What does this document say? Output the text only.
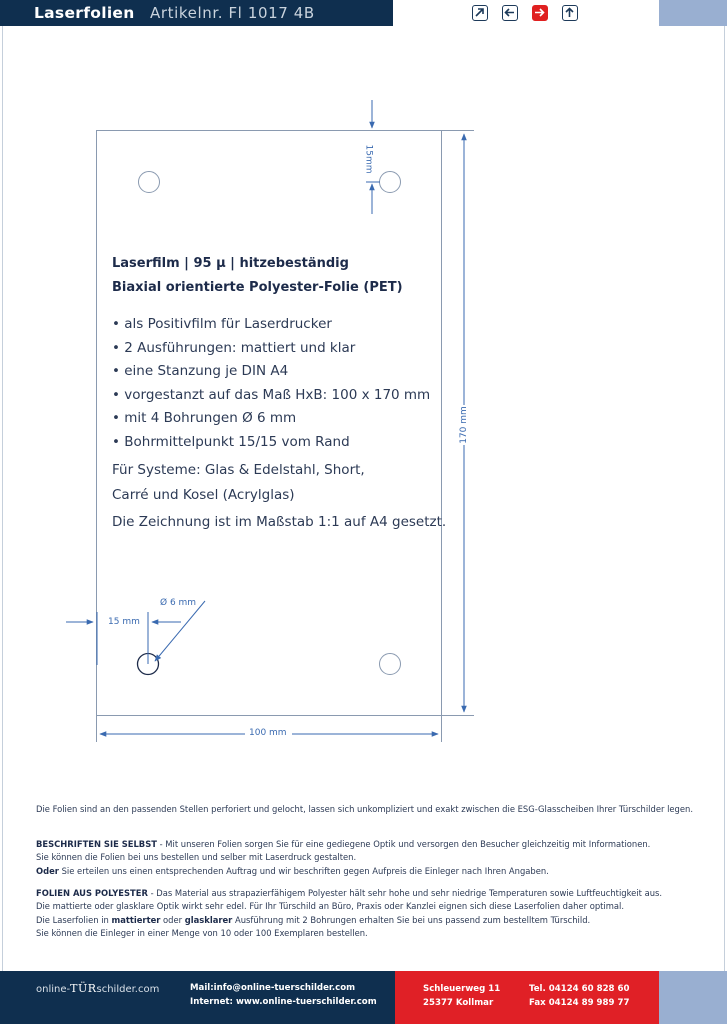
Laserfolien Artikelnr. Fl 1017 4B
15mm
170 mm
100 mm
15 mm
Ø 6 mm
Laserfilm | 95 µ | hitzebeständig
Biaxial orientierte Polyester-Folie (PET)
• als Positivfilm für Laserdrucker
• 2 Ausführungen: mattiert und klar
• eine Stanzung je DIN A4
• vorgestanzt auf das Maß HxB: 100 x 170 mm
• mit 4 Bohrungen Ø 6 mm
• Bohrmittelpunkt 15/15 vom Rand
Für Systeme: Glas & Edelstahl, Short,
Carré und Kosel (Acrylglas)
Die Zeichnung ist im Maßstab 1:1 auf A4 gesetzt.
Die Folien sind an den passenden Stellen perforiert und gelocht, lassen sich unkompliziert und exakt zwischen die ESG-Glasscheiben Ihrer Türschilder legen.
BESCHRIFTEN SIE SELBST - Mit unseren Folien sorgen Sie für eine gediegene Optik und versorgen den Besucher gleichzeitig mit Informationen.
Sie können die Folien bei uns bestellen und selber mit Laserdruck gestalten.
Oder Sie erteilen uns einen entsprechenden Auftrag und wir beschriften gegen Aufpreis die Einleger nach Ihren Angaben.
FOLIEN AUS POLYESTER - Das Material aus strapazierfähigem Polyester hält sehr hohe und sehr niedrige Temperaturen sowie Luftfeuchtigkeit aus.
Die mattierte oder glasklare Optik wirkt sehr edel. Für Ihr Türschild an Büro, Praxis oder Kanzlei eignen sich diese Laserfolien daher optimal.
Die Laserfolien in mattierter oder glasklarer Ausführung mit 2 Bohrungen erhalten Sie bei uns passend zum bestelltem Türschild.
Sie können die Einleger in einer Menge von 10 oder 100 Exemplaren bestellen.
online-TÜRschilder.com	Mail:info@online-tuerschilder.com
Internet: www.online-tuerschilder.com
Schleuerweg 11
25377 Kollmar
Tel. 04124 60 828 60
Fax 04124 89 989 77
